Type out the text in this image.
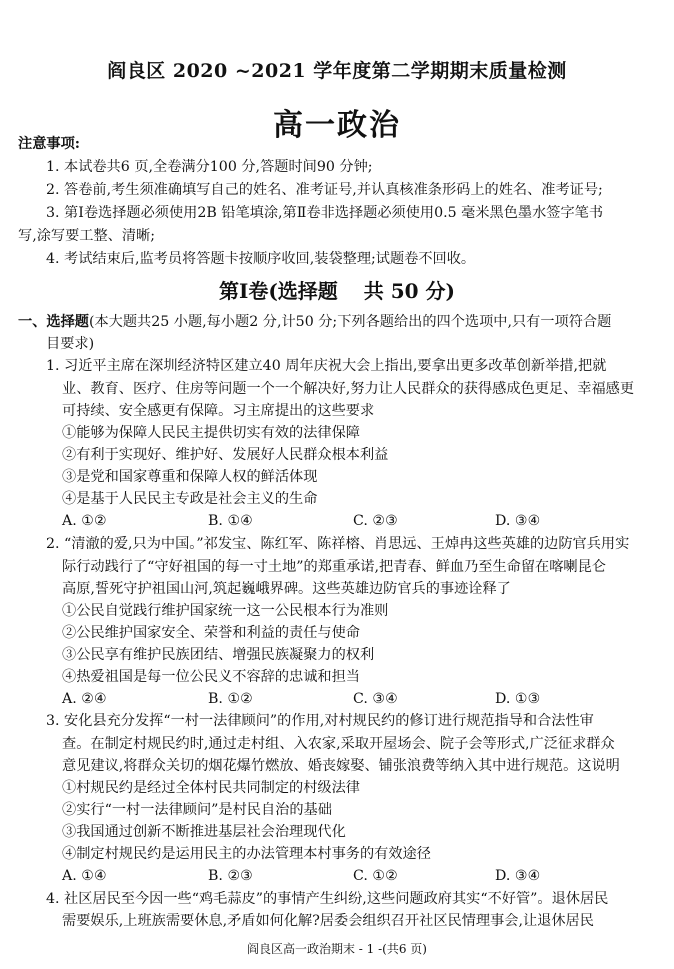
阎良区 2020 ~2021 学年度第二学期期末质量检测
高一政治
注意事项:
1. 本试卷共6 页,全卷满分100 分,答题时间90 分钟;
2. 答卷前,考生须准确填写自己的姓名、准考证号,并认真核准条形码上的姓名、准考证号;
3. 第Ⅰ卷选择题必须使用2B 铅笔填涂,第Ⅱ卷非选择题必须使用0.5 毫米黑色墨水签字笔书
写,涂写要工整、清晰;
4. 考试结束后,监考员将答题卡按顺序收回,装袋整理;试题卷不回收。
第Ⅰ卷(选择题 共 50 分)
一、选择题(本大题共25 小题,每小题2 分,计50 分;下列各题给出的四个选项中,只有一项符合题
目要求)
1. 习近平主席在深圳经济特区建立40 周年庆祝大会上指出,要拿出更多改革创新举措,把就
业、教育、医疗、住房等问题一个一个解决好,努力让人民群众的获得感成色更足、幸福感更
可持续、安全感更有保障。习主席提出的这些要求
①能够为保障人民民主提供切实有效的法律保障
②有利于实现好、维护好、发展好人民群众根本利益
③是党和国家尊重和保障人权的鲜活体现
④是基于人民民主专政是社会主义的生命
A. ①②	B. ①④	C. ②③	D. ③④
2. “清澈的爱,只为中国。”祁发宝、陈红军、陈祥榕、肖思远、王焯冉这些英雄的边防官兵用实
际行动践行了“守好祖国的每一寸土地”的郑重承诺,把青春、鲜血乃至生命留在喀喇昆仑
高原,誓死守护祖国山河,筑起巍峨界碑。这些英雄边防官兵的事迹诠释了
①公民自觉践行维护国家统一这一公民根本行为准则
②公民维护国家安全、荣誉和利益的责任与使命
③公民享有维护民族团结、增强民族凝聚力的权利
④热爱祖国是每一位公民义不容辞的忠诚和担当
A. ②④	B. ①②	C. ③④	D. ①③
3. 安化县充分发挥“一村一法律顾问”的作用,对村规民约的修订进行规范指导和合法性审
查。在制定村规民约时,通过走村组、入农家,采取开屋场会、院子会等形式,广泛征求群众
意见建议,将群众关切的烟花爆竹燃放、婚丧嫁娶、铺张浪费等纳入其中进行规范。这说明
①村规民约是经过全体村民共同制定的村级法律
②实行“一村一法律顾问”是村民自治的基础
③我国通过创新不断推进基层社会治理现代化
④制定村规民约是运用民主的办法管理本村事务的有效途径
A. ①④	B. ②③	C. ①②	D. ③④
4. 社区居民至今因一些“鸡毛蒜皮”的事情产生纠纷,这些问题政府其实“不好管”。退休居民
需要娱乐,上班族需要休息,矛盾如何化解?居委会组织召开社区民情理事会,让退休居民
阎良区高一政治期末 - 1 -(共6 页)
